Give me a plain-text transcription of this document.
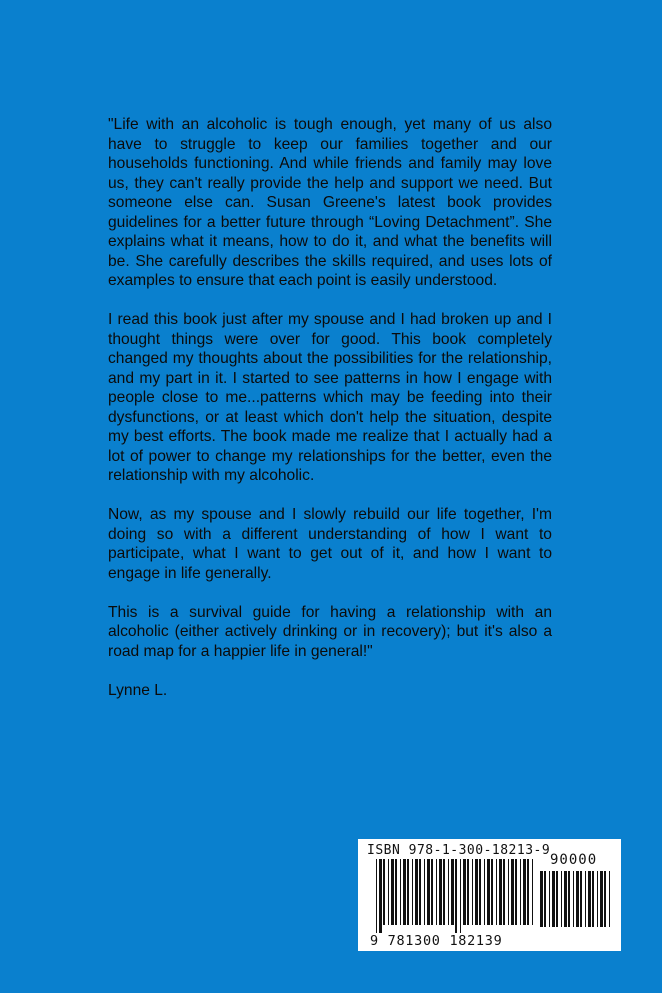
"Life with an alcoholic is tough enough, yet many of us also have to struggle to keep our families together and our households functioning. And while friends and family may love us, they can't really provide the help and support we need. But someone else can. Susan Greene's latest book provides guidelines for a better future through “Loving Detachment”. She explains what it means, how to do it, and what the benefits will be. She carefully describes the skills required, and uses lots of examples to ensure that each point is easily understood.

I read this book just after my spouse and I had broken up and I thought things were over for good. This book completely changed my thoughts about the possibilities for the relationship, and my part in it. I started to see patterns in how I engage with people close to me...patterns which may be feeding into their dysfunctions, or at least which don't help the situation, despite my best efforts. The book made me realize that I actually had a lot of power to change my relationships for the better, even the relationship with my alcoholic.

Now, as my spouse and I slowly rebuild our life together, I'm doing so with a different understanding of how I want to participate, what I want to get out of it, and how I want to engage in life generally.

This is a survival guide for having a relationship with an alcoholic (either actively drinking or in recovery); but it's also a road map for a happier life in general!"

Lynne L.

ISBN 978-1-300-18213-9
90000
9 781300 182139
